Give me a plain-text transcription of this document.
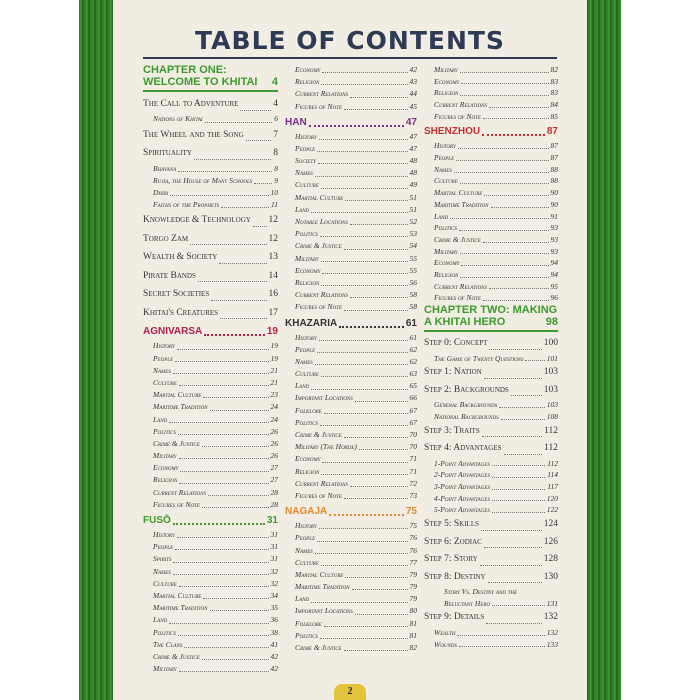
TABLE OF CONTENTS
CHAPTER ONE:
WELCOME TO KHITAI 4
The Call to Adventure	4
Nations of Khitai	6
The Wheel and the Song	7
Spirituality	8
Bhavana	8
Rujia, the House of Many Schools	9
Dhiri	10
Faiths of the Prophets	11
Knowledge & Technology 12
Torgo Zam	12
Wealth & Society	13
Pirate Bands	14
Secret Societies	16
Khitai's Creatures	17
AGNIVARSA	19
History	19
People	19
Names	21
Culture	21
Martial Culture	23
Maritime Tradition	24
Land	24
Politics	26
Crime & Justice	26
Military	26
Economy	27
Religion	27
Current Relations	28
Figures of Note	28
FUSŌ	31
History	31
People	31
Spirits	31
Names	32
Culture	32
Martial Culture	34
Maritime Tradition	35
Land	36
Politics	38
The Clans	41
Crime & Justice	42
Military	42
Economy	42
Religion	43
Current Relations	44
Figures of Note	45
HAN	47
History	47
People	47
Society	48
Names	48
Culture	49
Martial Culture	51
Land	51
Notable Locations	52
Politics	53
Crime & Justice	54
Military	55
Economy	55
Religion	56
Current Relations	58
Figures of Note	58
KHAZARIA	61
History	61
People	62
Names	62
Culture	63
Land	65
Important Locations	66
Folklore	67
Politics	67
Crime & Justice	70
Military (The Horde)	70
Economy	71
Religion	71
Current Relations	72
Figures of Note	73
NAGAJA	75
History	75
People	76
Names	76
Culture	77
Martial Culture	79
Maritime Tradition	79
Land	79
Important Locations	80
Folklore	81
Politics	81
Crime & Justice	82
Military	82
Economy	83
Religion	83
Current Relations	84
Figures of Note	85
SHENZHOU	87
History	87
People	87
Names	88
Culture	88
Martial Culture	90
Maritime Tradition	90
Land	91
Politics	93
Crime & Justice	93
Military	93
Economy	94
Religion	94
Current Relations	95
Figures of Note	96
CHAPTER TWO: MAKING
A KHITAI HERO	98
Step 0: Concept	100
The Game of Twenty Questions	101
Step 1: Nation	103
Step 2: Backgrounds	103
General Backgrounds	103
National Backgrounds	108
Step 3: Traits	112
Step 4: Advantages	112
1-Point Advantages	112
2-Point Advantages	114
3-Point Advantages	117
4-Point Advantages	120
5-Point Advantages	122
Step 5: Skills	124
Step 6: Zodiac	126
Step 7: Story	128
Step 8: Destiny	130
Story Vs. Destiny and the
Reluctant Hero	131
Step 9: Details	132
Wealth	132
Wounds	133
2
